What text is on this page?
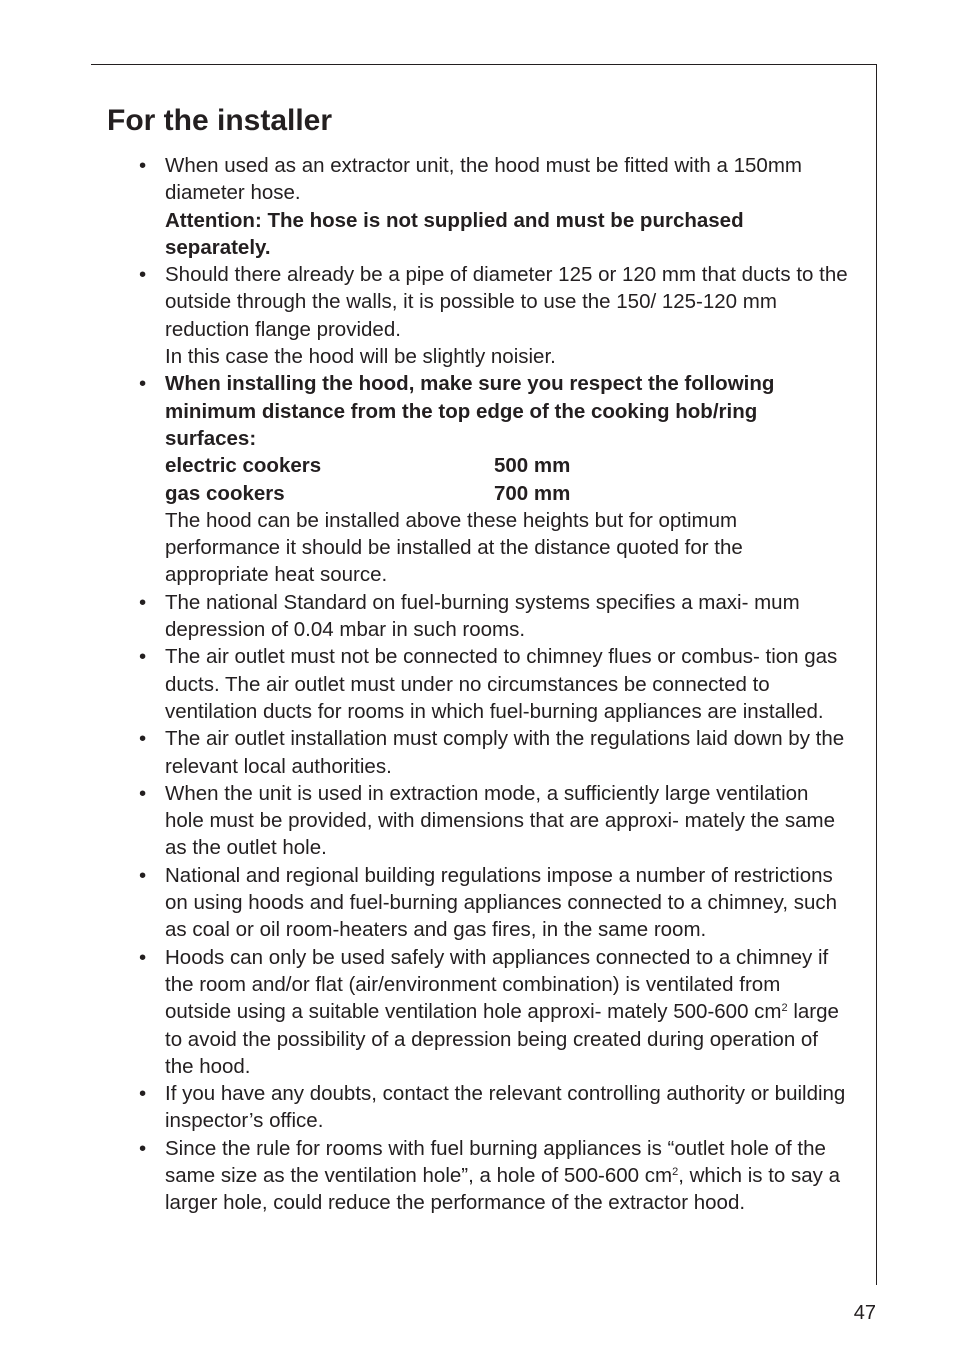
For the installer
• When used as an extractor unit, the hood must be fitted with a 150mm diameter hose.
Attention: The hose is not supplied and must be purchased separately.
• Should there already be a pipe of diameter 125 or 120 mm that ducts to the outside through the walls, it is possible to use the 150/ 125-120 mm reduction flange provided.
In this case the hood will be slightly noisier.
• When installing the hood, make sure you respect the following minimum distance from the top edge of the cooking hob/ring surfaces:
electric cookers	500 mm
gas cookers	700 mm
The hood can be installed above these heights but for optimum performance it should be installed at the distance quoted for the appropriate heat source.
• The national Standard on fuel-burning systems specifies a maxi- mum depression of 0.04 mbar in such rooms.
• The air outlet must not be connected to chimney flues or combus- tion gas ducts. The air outlet must under no circumstances be connected to ventilation ducts for rooms in which fuel-burning appliances are installed.
• The air outlet installation must comply with the regulations laid down by the relevant local authorities.
• When the unit is used in extraction mode, a sufficiently large ventilation hole must be provided, with dimensions that are approxi- mately the same as the outlet hole.
• National and regional building regulations impose a number of restrictions on using hoods and fuel-burning appliances connected to a chimney, such as coal or oil room-heaters and gas fires, in the same room.
• Hoods can only be used safely with appliances connected to a chimney if the room and/or flat (air/environment combination) is ventilated from outside using a suitable ventilation hole approxi- mately 500-600 $cm^2$ large to avoid the possibility of a depression being created during operation of the hood.
• If you have any doubts, contact the relevant controlling authority or building inspector’s office.
• Since the rule for rooms with fuel burning appliances is “outlet hole of the same size as the ventilation hole”, a hole of 500-600 $cm^2$, which is to say a larger hole, could reduce the performance of the extractor hood.
47
